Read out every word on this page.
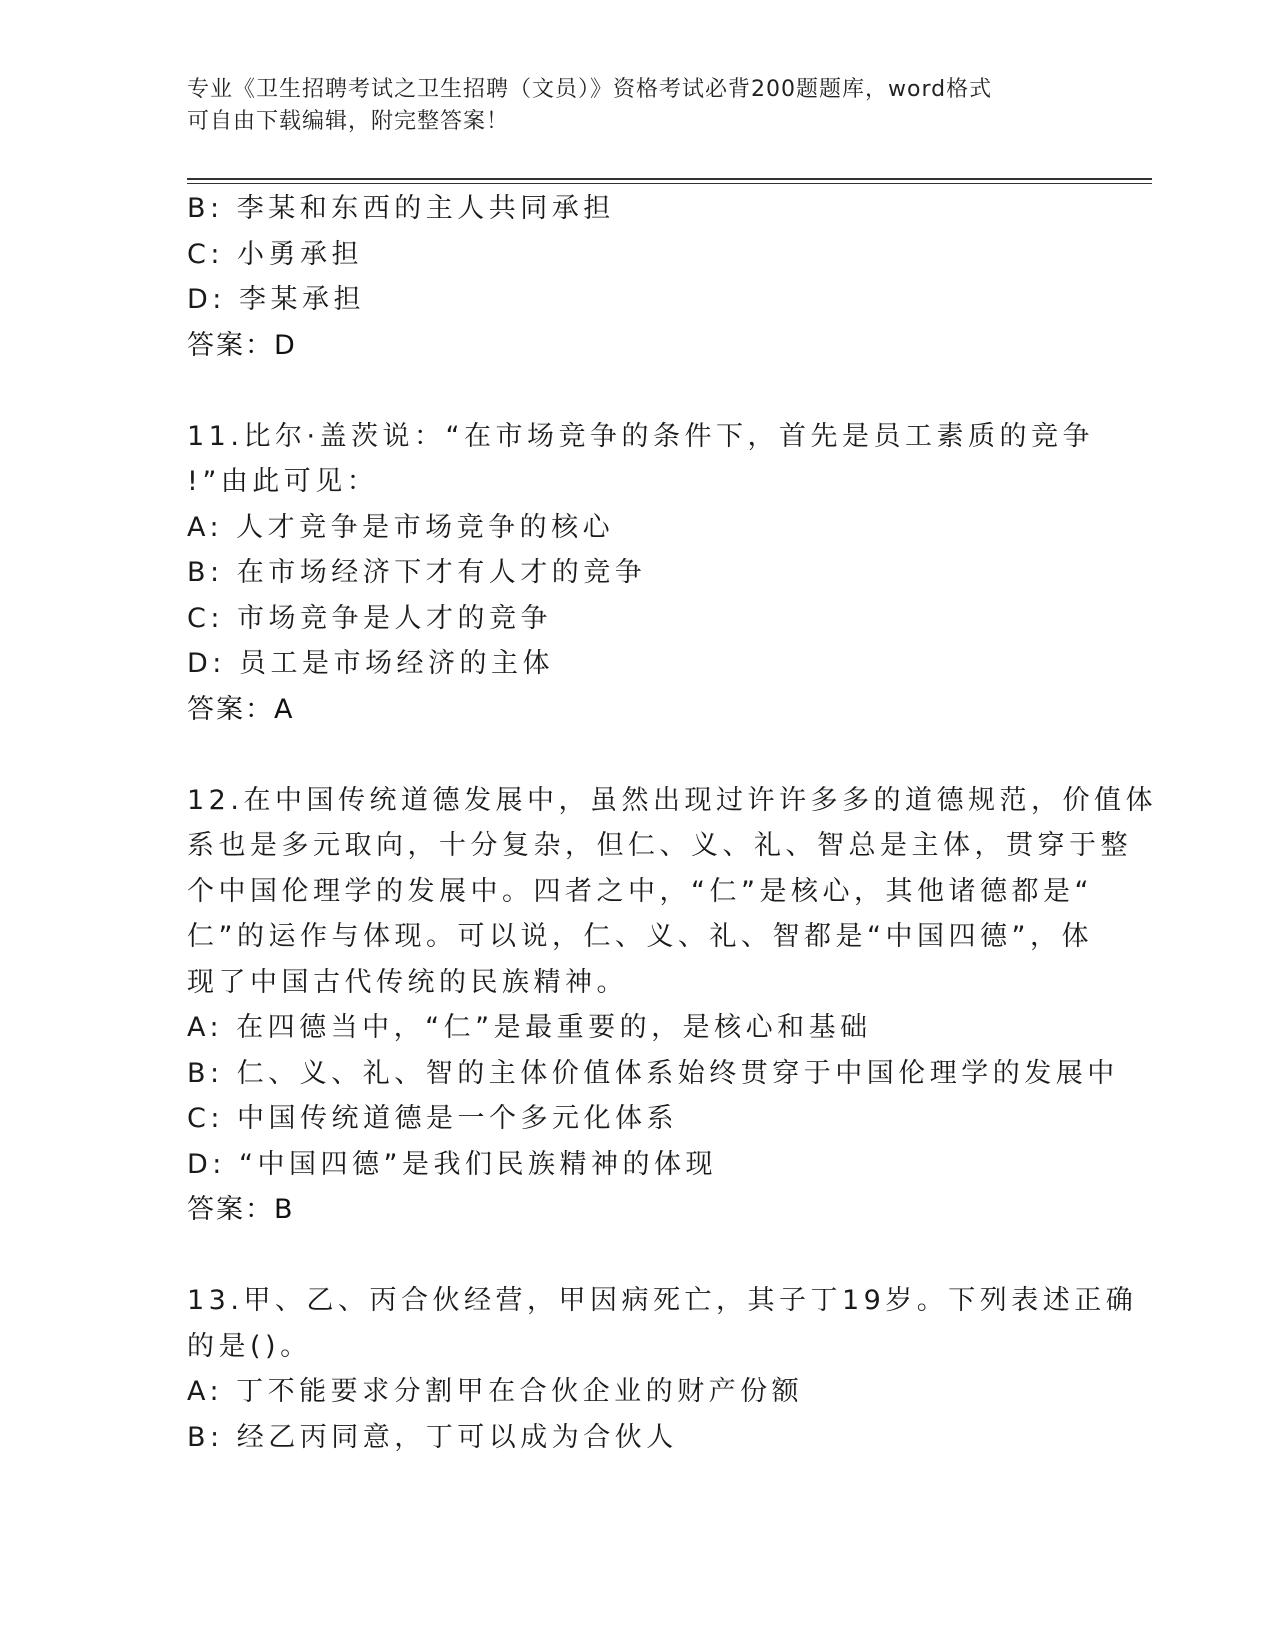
专业《卫生招聘考试之卫生招聘（文员）》资格考试必背200题题库，word格式
可自由下载编辑，附完整答案！
B: 李某和东西的主人共同承担
C: 小勇承担
D: 李某承担
答案：D
11.比尔·盖茨说：“在市场竞争的条件下，首先是员工素质的竞争
!”由此可见：
A: 人才竞争是市场竞争的核心
B: 在市场经济下才有人才的竞争
C: 市场竞争是人才的竞争
D: 员工是市场经济的主体
答案：A
12.在中国传统道德发展中，虽然出现过许许多多的道德规范，价值体
系也是多元取向，十分复杂，但仁、义、礼、智总是主体，贯穿于整
个中国伦理学的发展中。四者之中，“仁”是核心，其他诸德都是“
仁”的运作与体现。可以说，仁、义、礼、智都是“中国四德”，体
现了中国古代传统的民族精神。
A: 在四德当中，“仁”是最重要的，是核心和基础
B: 仁、义、礼、智的主体价值体系始终贯穿于中国伦理学的发展中
C: 中国传统道德是一个多元化体系
D: “中国四德”是我们民族精神的体现
答案：B
13.甲、乙、丙合伙经营，甲因病死亡，其子丁19岁。下列表述正确
的是()。
A: 丁不能要求分割甲在合伙企业的财产份额
B: 经乙丙同意，丁可以成为合伙人
